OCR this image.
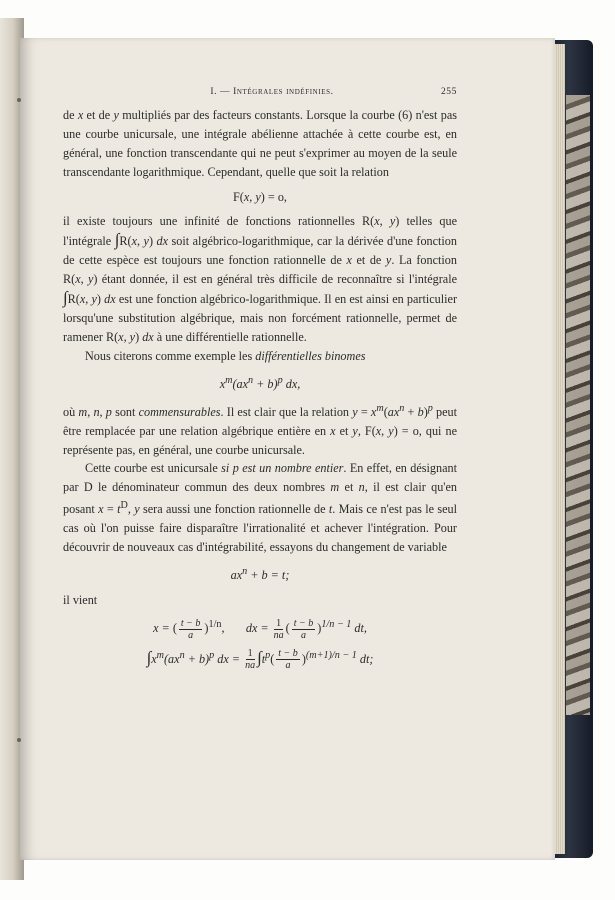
I. — Intégrales indéfinies.	255

de x et de y multipliés par des facteurs constants. Lorsque la courbe (6) n'est pas une courbe unicursale, une intégrale abélienne attachée à cette courbe est, en général, une fonction transcendante qui ne peut s'exprimer au moyen de la seule transcendante logarithmique. Cependant, quelle que soit la relation

F(x, y) = o,

il existe toujours une infinité de fonctions rationnelles R(x, y) telles que l'intégrale ∫R(x, y) dx soit algébrico-logarithmique, car la dérivée d'une fonction de cette espèce est toujours une fonction rationnelle de x et de y. La fonction R(x, y) étant donnée, il est en général très difficile de reconnaître si l'intégrale ∫R(x, y) dx est une fonction algébrico-logarithmique. Il en est ainsi en particulier lorsqu'une substitution algébrique, mais non forcément rationnelle, permet de ramener R(x, y) dx à une différentielle rationnelle.

Nous citerons comme exemple les différentielles binomes

$x^m(ax^n + b)^p$ dx,

où m, n, p sont commensurables. Il est clair que la relation $y = x^m(ax^n + b)^p$ peut être remplacée par une relation algébrique entière en x et y, F(x, y) = o, qui ne représente pas, en général, une courbe unicursale.

Cette courbe est unicursale si p est un nombre entier. En effet, en désignant par D le dénominateur commun des deux nombres m et n, il est clair qu'en posant $x = t^D$, y sera aussi une fonction rationnelle de t. Mais ce n'est pas le seul cas où l'on puisse faire disparaître l'irrationalité et achever l'intégration. Pour découvrir de nouveaux cas d'intégrabilité, essayons du changement de variable

$ax^n + b = t$;

il vient

x = ( $\frac{t - b}{a} )^{1/n}$,       dx = $\frac{1}{na}$ ( $\frac{t - b}{a} )^{1/n - 1}$ dt,
$\int x^m(ax^n + b)^p$ dx = $\frac{1}{na} \int t^p( \frac{t - b}{a} )^{(m+1)/n - 1}$ dt;
